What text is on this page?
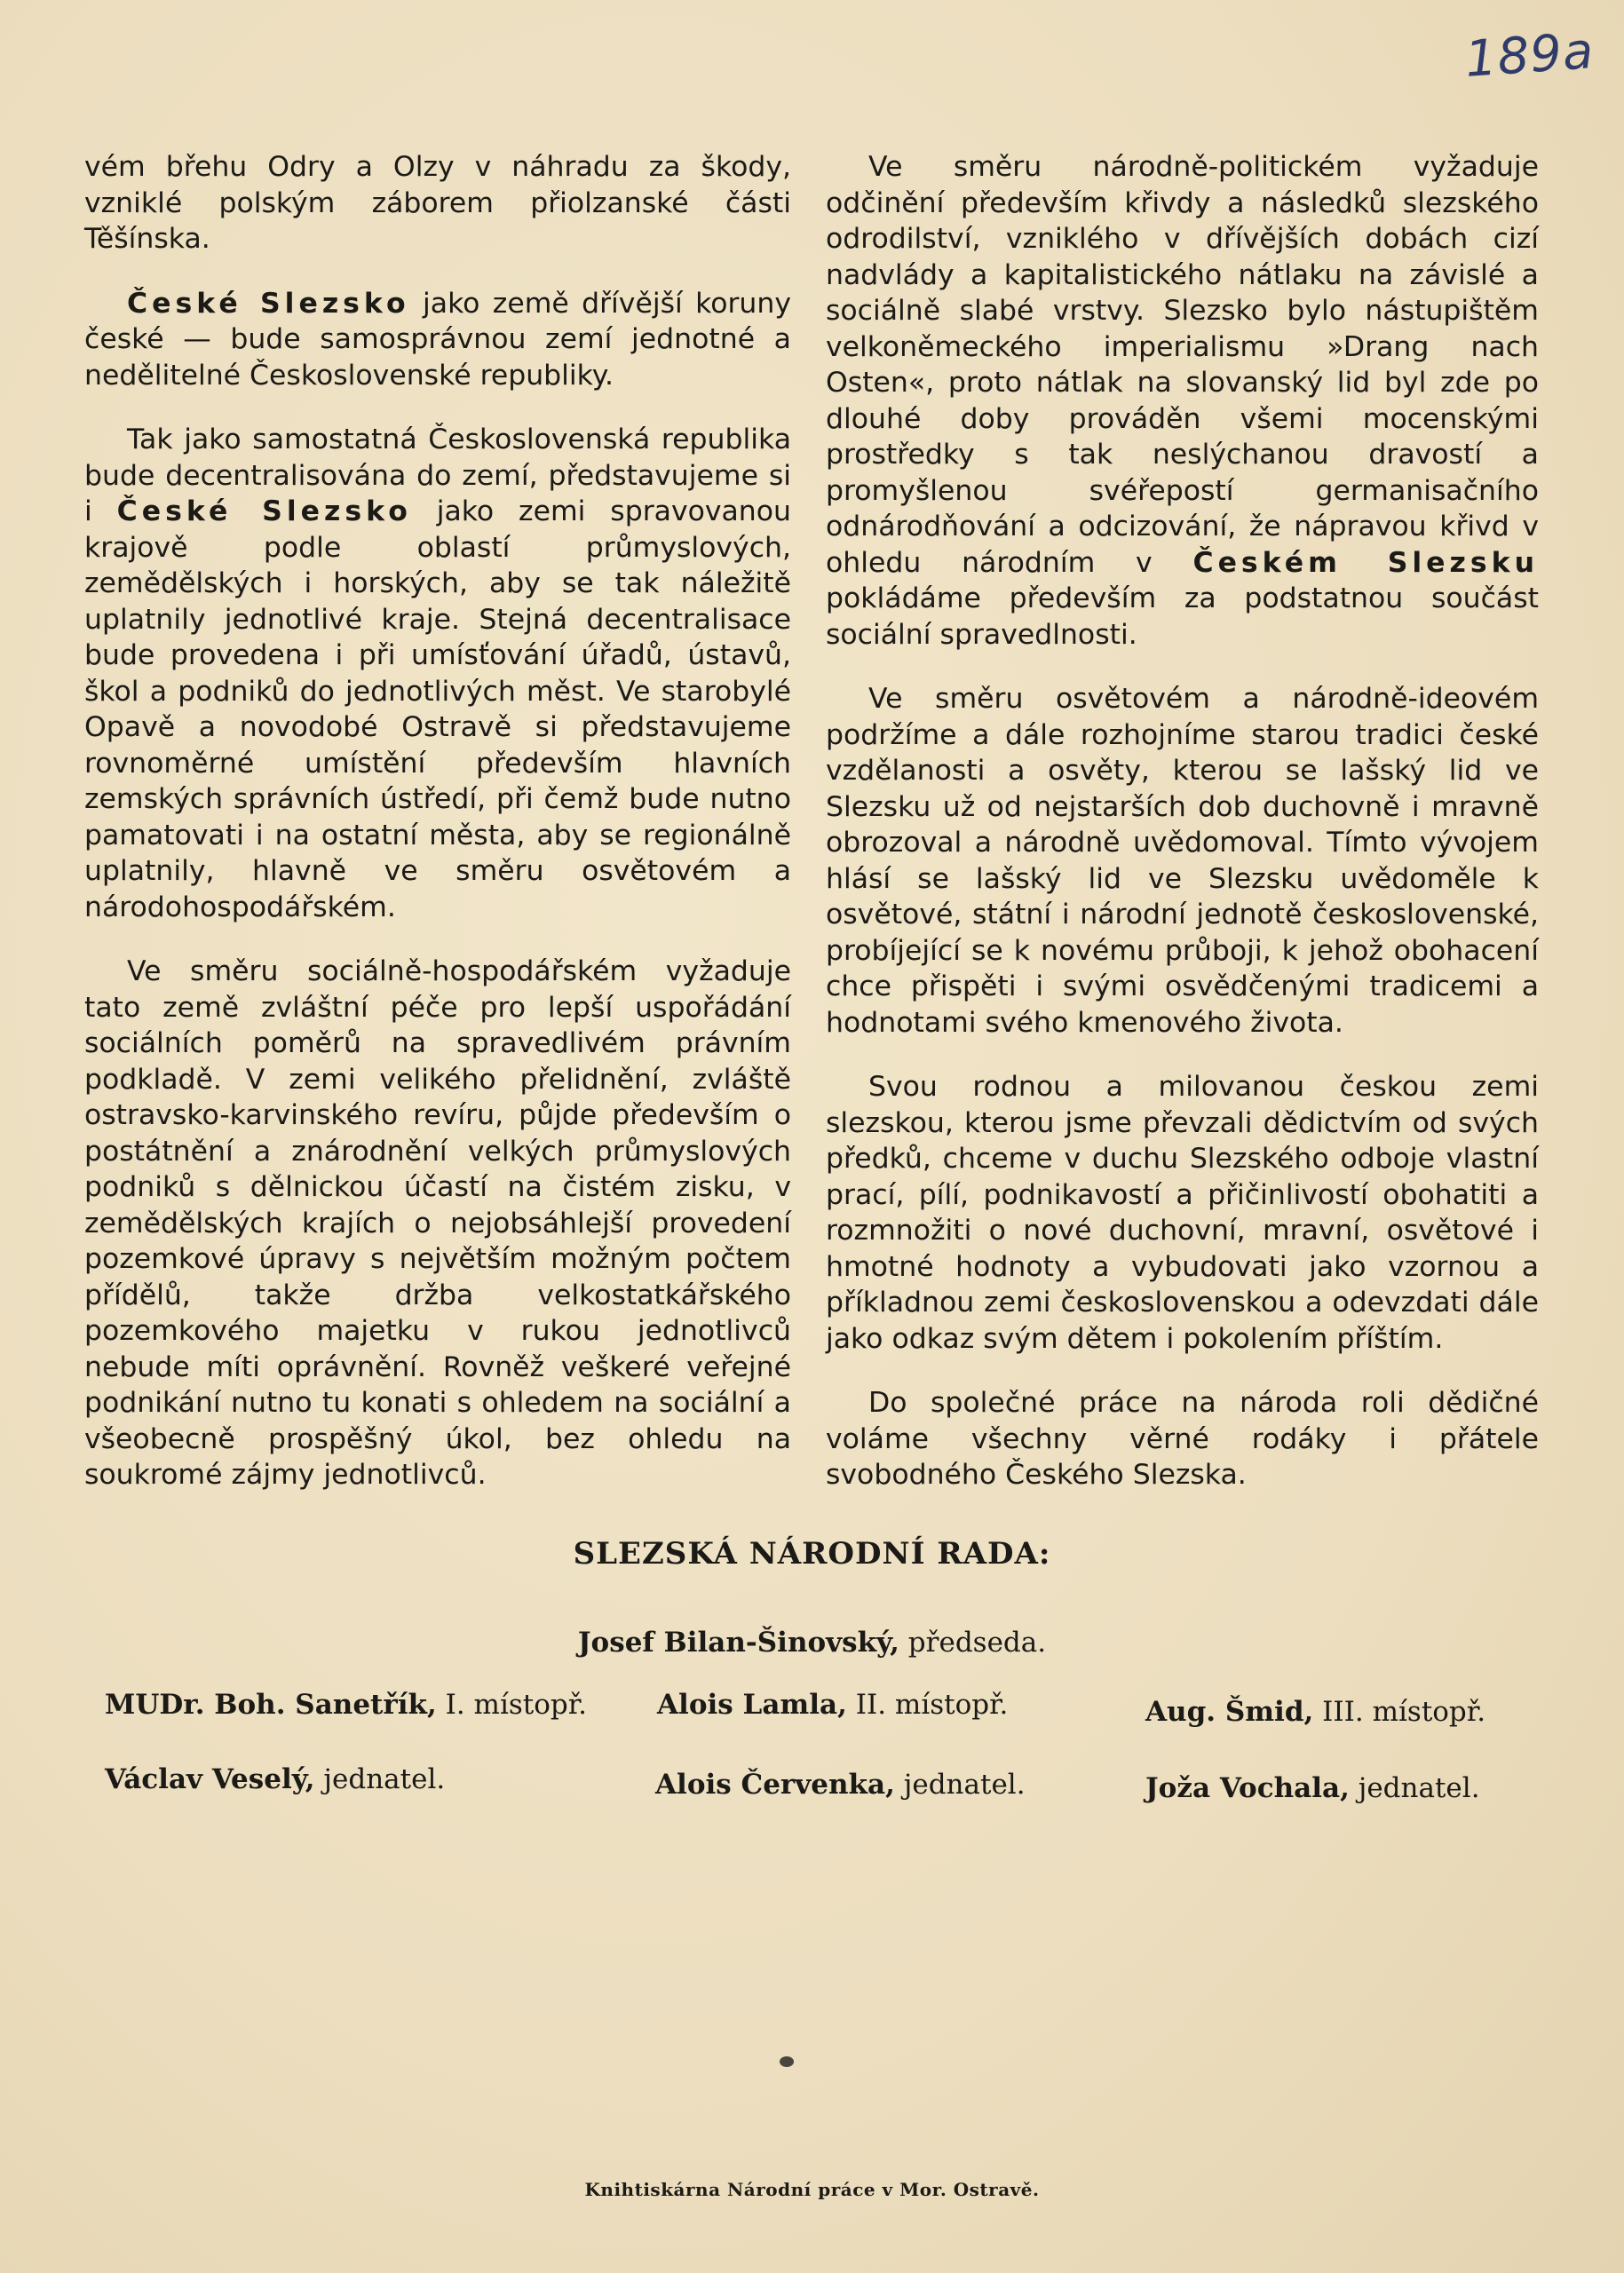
189a

vém břehu Odry a Olzy v náhradu za škody, vzniklé polským záborem přiolzanské části Těšínska.

České Slezsko jako země dřívější koruny české — bude samosprávnou zemí jednotné a nedělitelné Československé republiky.

Tak jako samostatná Československá republika bude decentralisována do zemí, představujeme si i České Slezsko jako zemi spravovanou krajově podle oblastí průmyslových, zemědělských i horských, aby se tak náležitě uplatnily jednotlivé kraje. Stejná decentralisace bude provedena i při umísťování úřadů, ústavů, škol a podniků do jednotlivých měst. Ve starobylé Opavě a novodobé Ostravě si představujeme rovnoměrné umístění především hlavních zemských správních ústředí, při čemž bude nutno pamatovati i na ostatní města, aby se regionálně uplatnily, hlavně ve směru osvětovém a národohospodářském.

Ve směru sociálně-hospodářském vyžaduje tato země zvláštní péče pro lepší uspořádání sociálních poměrů na spravedlivém právním podkladě. V zemi velikého přelidnění, zvláště ostravsko-karvinského revíru, půjde především o postátnění a znárodnění velkých průmyslových podniků s dělnickou účastí na čistém zisku, v zemědělských krajích o nejobsáhlejší provedení pozemkové úpravy s největším možným počtem přídělů, takže držba velkostatkářského pozemkového majetku v rukou jednotlivců nebude míti oprávnění. Rovněž veškeré veřejné podnikání nutno tu konati s ohledem na sociální a všeobecně prospěšný úkol, bez ohledu na soukromé zájmy jednotlivců.

Ve směru národně-politickém vyžaduje odčinění především křivdy a následků slezského odrodilství, vzniklého v dřívějších dobách cizí nadvlády a kapitalistického nátlaku na závislé a sociálně slabé vrstvy. Slezsko bylo nástupištěm velkoněmeckého imperialismu »Drang nach Osten«, proto nátlak na slovanský lid byl zde po dlouhé doby prováděn všemi mocenskými prostředky s tak neslýchanou dravostí a promyšlenou svéřepostí germanisačního odnárodňování a odcizování, že nápravou křivd v ohledu národním v Českém Slezsku pokládáme především za podstatnou součást sociální spravedlnosti.

Ve směru osvětovém a národně-ideovém podržíme a dále rozhojníme starou tradici české vzdělanosti a osvěty, kterou se lašský lid ve Slezsku už od nejstarších dob duchovně i mravně obrozoval a národně uvědomoval. Tímto vývojem hlásí se lašský lid ve Slezsku uvědoměle k osvětové, státní i národní jednotě československé, probíjející se k novému průboji, k jehož obohacení chce přispěti i svými osvědčenými tradicemi a hodnotami svého kmenového života.

Svou rodnou a milovanou českou zemi slezskou, kterou jsme převzali dědictvím od svých předků, chceme v duchu Slezského odboje vlastní prací, pílí, podnikavostí a přičinlivostí obohatiti a rozmnožiti o nové duchovní, mravní, osvětové i hmotné hodnoty a vybudovati jako vzornou a příkladnou zemi československou a odevzdati dále jako odkaz svým dětem i pokolením příštím.

Do společné práce na národa roli dědičné voláme všechny věrné rodáky i přátele svobodného Českého Slezska.

SLEZSKÁ NÁRODNÍ RADA:
Josef Bilan-Šinovský, předseda.
MUDr. Boh. Sanetřík, I. místopř.	Alois Lamla, II. místopř.	Aug. Šmid, III. místopř.
Václav Veselý, jednatel.	Alois Červenka, jednatel.	Joža Vochala, jednatel.
Knihtiskárna Národní práce v Mor. Ostravě.
